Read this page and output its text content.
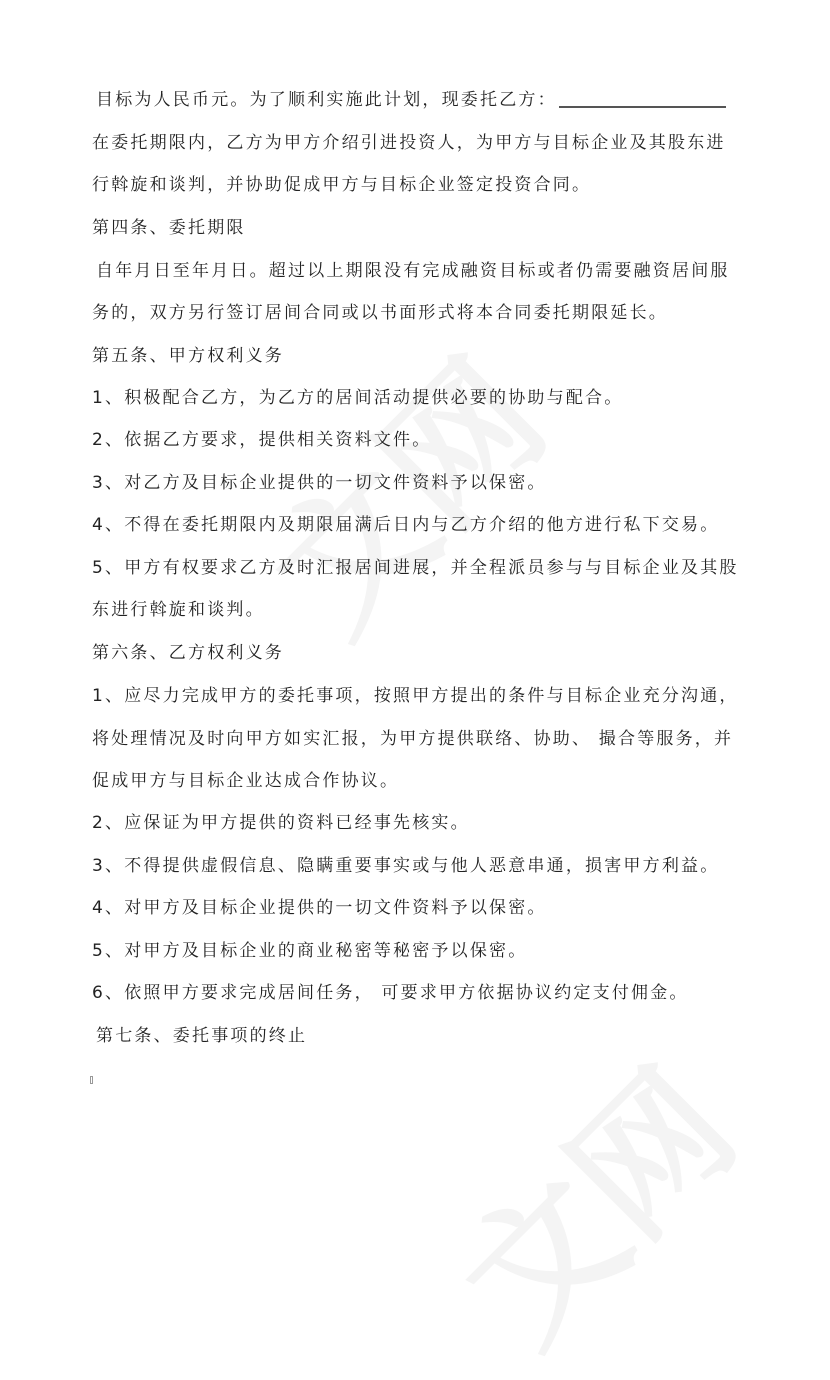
目标为人民币元。为了顺利实施此计划，现委托乙方：
在委托期限内，乙方为甲方介绍引进投资人，为甲方与目标企业及其股东进
行斡旋和谈判，并协助促成甲方与目标企业签定投资合同。
第四条、委托期限
自年月日至年月日。超过以上期限没有完成融资目标或者仍需要融资居间服
务的，双方另行签订居间合同或以书面形式将本合同委托期限延长。
第五条、甲方权利义务
1、积极配合乙方，为乙方的居间活动提供必要的协助与配合。
2、依据乙方要求，提供相关资料文件。
3、对乙方及目标企业提供的一切文件资料予以保密。
4、不得在委托期限内及期限届满后日内与乙方介绍的他方进行私下交易。
5、甲方有权要求乙方及时汇报居间进展，并全程派员参与与目标企业及其股
东进行斡旋和谈判。
第六条、乙方权利义务
1、应尽力完成甲方的委托事项，按照甲方提出的条件与目标企业充分沟通，
将处理情况及时向甲方如实汇报，为甲方提供联络、协助、 撮合等服务，并
促成甲方与目标企业达成合作协议。
2、应保证为甲方提供的资料已经事先核实。
3、不得提供虚假信息、隐瞒重要事实或与他人恶意串通，损害甲方利益。
4、对甲方及目标企业提供的一切文件资料予以保密。
5、对甲方及目标企业的商业秘密等秘密予以保密。
6、依照甲方要求完成居间任务， 可要求甲方依据协议约定支付佣金。
第七条、委托事项的终止
